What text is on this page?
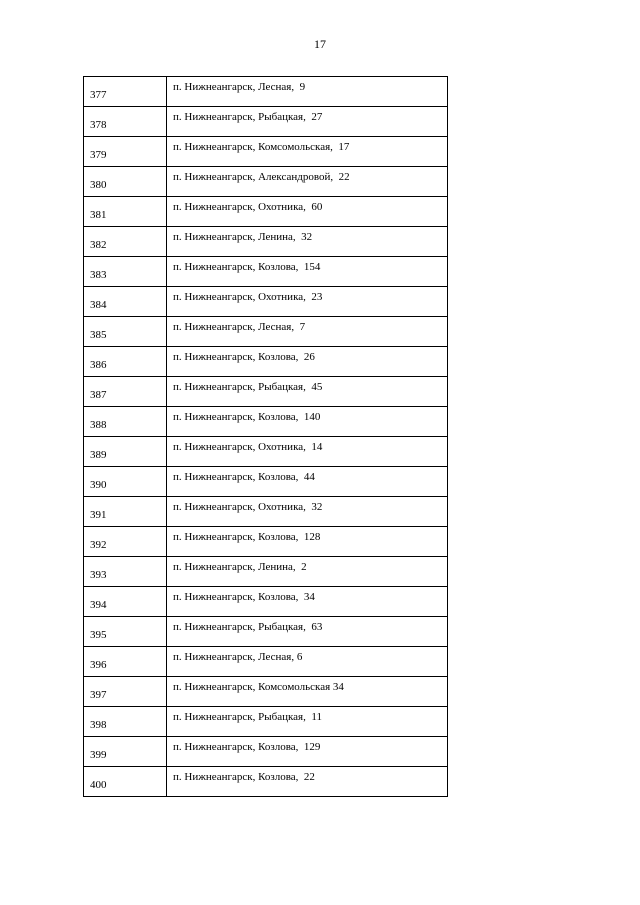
17
377	п. Нижнеангарск, Лесная,  9
378	п. Нижнеангарск, Рыбацкая,  27
379	п. Нижнеангарск, Комсомольская,  17
380	п. Нижнеангарск, Александровой,  22
381	п. Нижнеангарск, Охотника,  60
382	п. Нижнеангарск, Ленина,  32
383	п. Нижнеангарск, Козлова,  154
384	п. Нижнеангарск, Охотника,  23
385	п. Нижнеангарск, Лесная,  7
386	п. Нижнеангарск, Козлова,  26
387	п. Нижнеангарск, Рыбацкая,  45
388	п. Нижнеангарск, Козлова,  140
389	п. Нижнеангарск, Охотника,  14
390	п. Нижнеангарск, Козлова,  44
391	п. Нижнеангарск, Охотника,  32
392	п. Нижнеангарск, Козлова,  128
393	п. Нижнеангарск, Ленина,  2
394	п. Нижнеангарск, Козлова,  34
395	п. Нижнеангарск, Рыбацкая,  63
396	п. Нижнеангарск, Лесная, 6
397	п. Нижнеангарск, Комсомольская 34
398	п. Нижнеангарск, Рыбацкая,  11
399	п. Нижнеангарск, Козлова,  129
400	п. Нижнеангарск, Козлова,  22
